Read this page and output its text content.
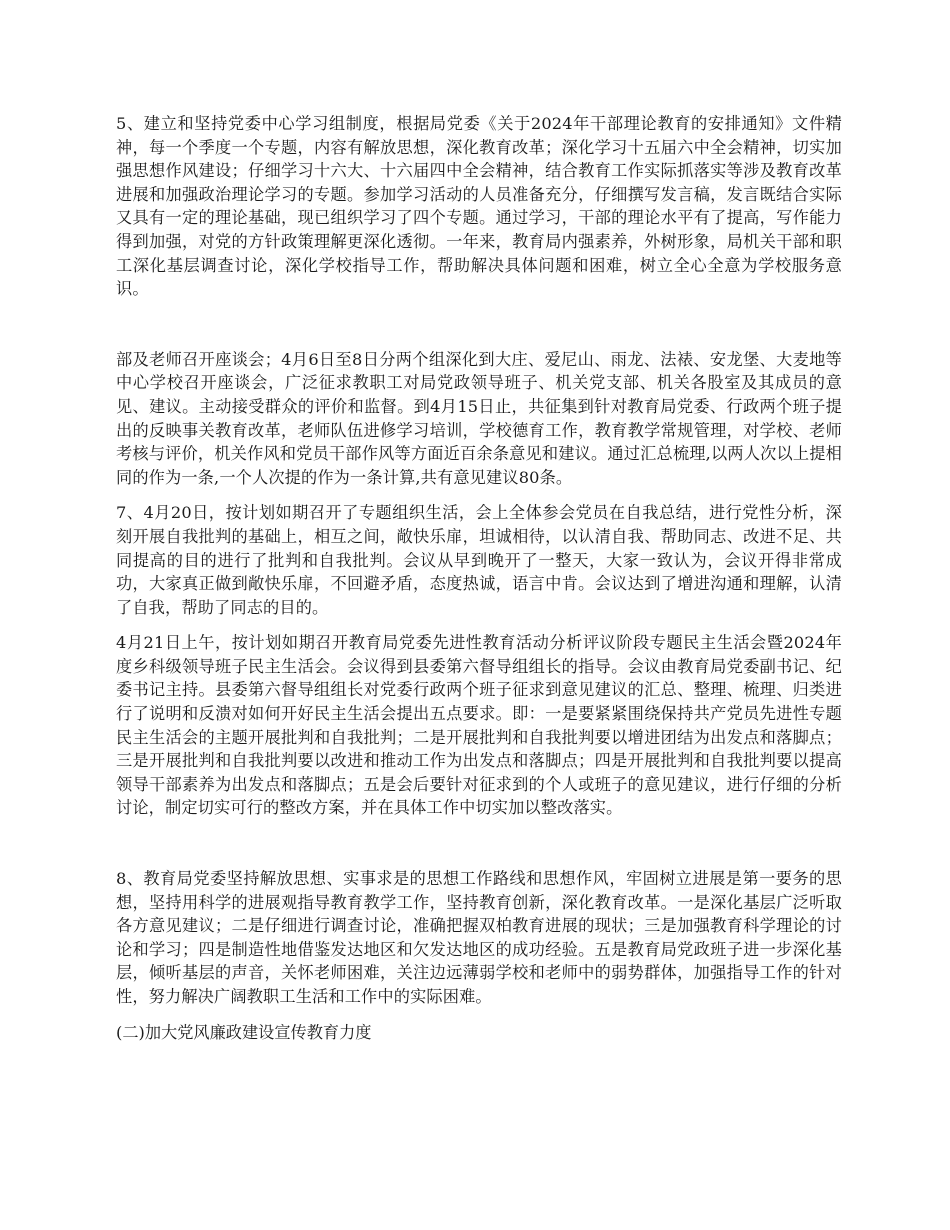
5、建立和坚持党委中心学习组制度，根据局党委《关于2024年干部理论教育的安排通知》文件精神，每一个季度一个专题，内容有解放思想，深化教育改革；深化学习十五届六中全会精神，切实加强思想作风建设；仔细学习十六大、十六届四中全会精神，结合教育工作实际抓落实等涉及教育改革进展和加强政治理论学习的专题。参加学习活动的人员准备充分，仔细撰写发言稿，发言既结合实际又具有一定的理论基础，现已组织学习了四个专题。通过学习，干部的理论水平有了提高，写作能力得到加强，对党的方针政策理解更深化透彻。一年来，教育局内强素养，外树形象，局机关干部和职工深化基层调查讨论，深化学校指导工作，帮助解决具体问题和困难，树立全心全意为学校服务意识。

部及老师召开座谈会；4月6日至8日分两个组深化到大庄、爱尼山、雨龙、法裱、安龙堡、大麦地等中心学校召开座谈会，广泛征求教职工对局党政领导班子、机关党支部、机关各股室及其成员的意见、建议。主动接受群众的评价和监督。到4月15日止，共征集到针对教育局党委、行政两个班子提出的反映事关教育改革，老师队伍进修学习培训，学校德育工作，教育教学常规管理，对学校、老师考核与评价，机关作风和党员干部作风等方面近百余条意见和建议。通过汇总梳理,以两人次以上提相同的作为一条,一个人次提的作为一条计算,共有意见建议80条。

7、4月20日，按计划如期召开了专题组织生活，会上全体参会党员在自我总结，进行党性分析，深刻开展自我批判的基础上，相互之间，敞快乐扉，坦诚相待，以认清自我、帮助同志、改进不足、共同提高的目的进行了批判和自我批判。会议从早到晚开了一整天，大家一致认为，会议开得非常成功，大家真正做到敞快乐扉，不回避矛盾，态度热诚，语言中肯。会议达到了增进沟通和理解，认清了自我，帮助了同志的目的。

4月21日上午，按计划如期召开教育局党委先进性教育活动分析评议阶段专题民主生活会暨2024年度乡科级领导班子民主生活会。会议得到县委第六督导组组长的指导。会议由教育局党委副书记、纪委书记主持。县委第六督导组组长对党委行政两个班子征求到意见建议的汇总、整理、梳理、归类进行了说明和反溃对如何开好民主生活会提出五点要求。即：一是要紧紧围绕保持共产党员先进性专题民主生活会的主题开展批判和自我批判；二是开展批判和自我批判要以增进团结为出发点和落脚点；三是开展批判和自我批判要以改进和推动工作为出发点和落脚点；四是开展批判和自我批判要以提高领导干部素养为出发点和落脚点；五是会后要针对征求到的个人或班子的意见建议，进行仔细的分析讨论，制定切实可行的整改方案，并在具体工作中切实加以整改落实。

8、教育局党委坚持解放思想、实事求是的思想工作路线和思想作风，牢固树立进展是第一要务的思想，坚持用科学的进展观指导教育教学工作，坚持教育创新，深化教育改革。一是深化基层广泛听取各方意见建议；二是仔细进行调查讨论，准确把握双柏教育进展的现状；三是加强教育科学理论的讨论和学习；四是制造性地借鉴发达地区和欠发达地区的成功经验。五是教育局党政班子进一步深化基层，倾听基层的声音，关怀老师困难，关注边远薄弱学校和老师中的弱势群体，加强指导工作的针对性，努力解决广阔教职工生活和工作中的实际困难。

(二)加大党风廉政建设宣传教育力度
